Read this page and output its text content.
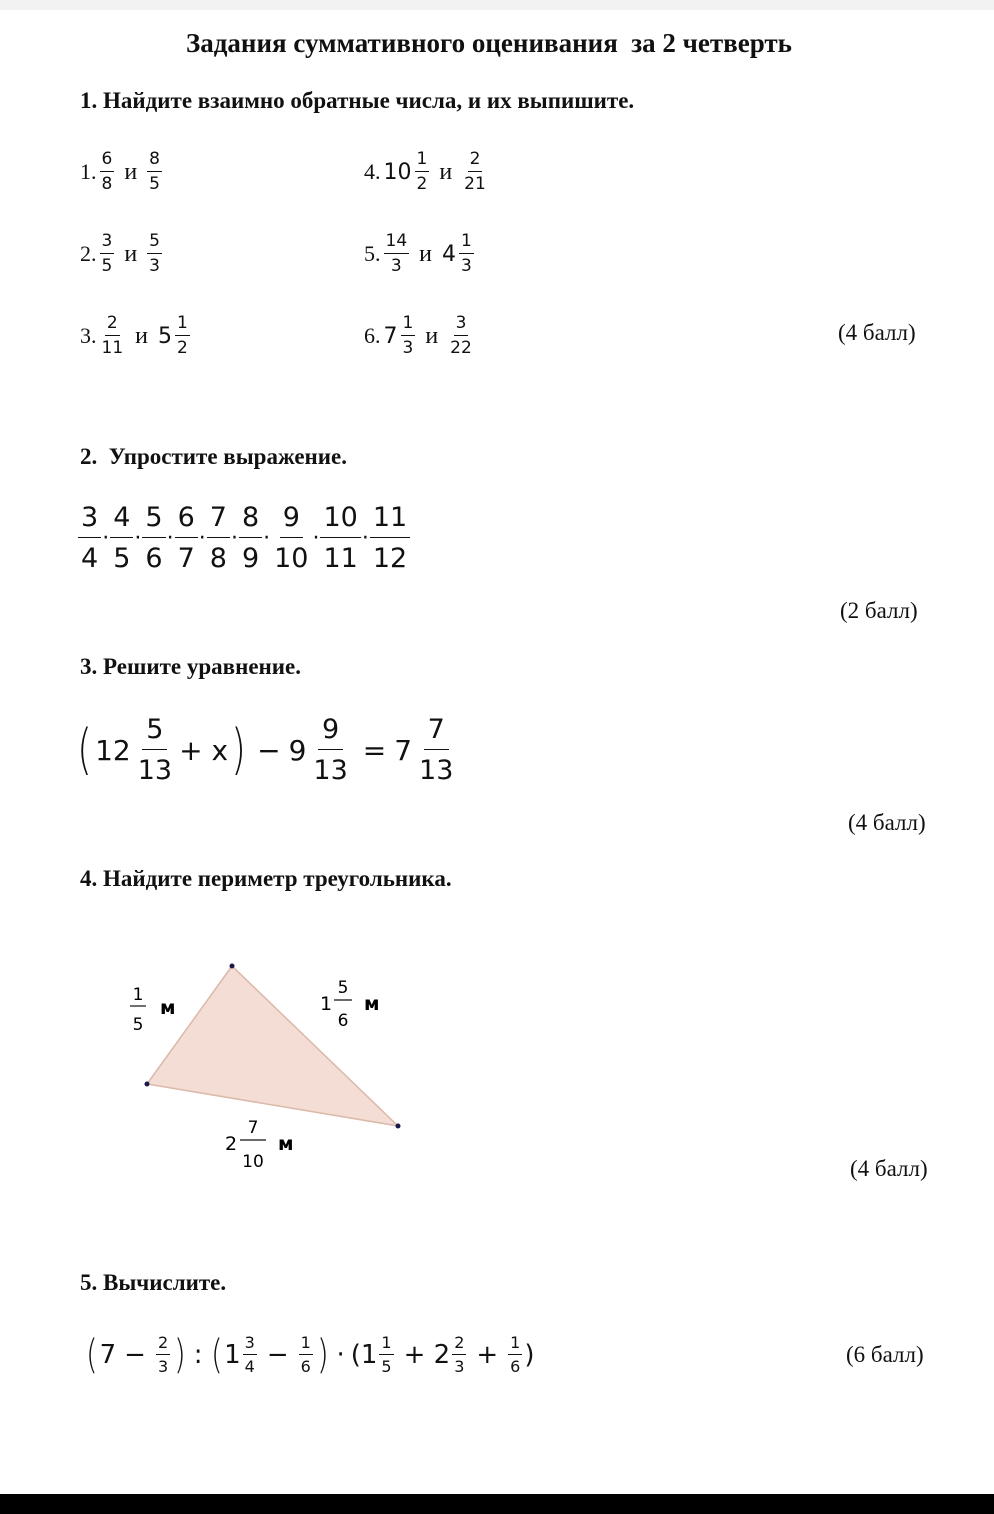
Задания суммативного оценивания  за 2 четверть
1. Найдите взаимно обратные числа, и их выпишите.
1. $\frac{6}{8}$ и $\frac{8}{5}$
2. $\frac{3}{5}$ и $\frac{5}{3}$
3. $\frac{2}{11}$ и $5 \frac{1}{2}$
4. $10 \frac{1}{2}$ и $\frac{2}{21}$
5. $\frac{14}{3}$ и $4 \frac{1}{3}$
6. $7 \frac{1}{3}$ и $\frac{3}{22}$	(4 балл)
2.  Упростите выражение.
$\frac{3}{4} \cdot \frac{4}{5} \cdot \frac{5}{6} \cdot \frac{6}{7} \cdot \frac{7}{8} \cdot \frac{8}{9} \cdot \frac{9}{10} \cdot \frac{10}{11} \cdot \frac{11}{12}$
(2 балл)
3. Решите уравнение.
( $12 \frac{5}{13} + x$ ) − $9 \frac{9}{13} = 7 \frac{7}{13}$
(4 балл)
4. Найдите периметр треугольника.
1
5
м	1
5
6
м
2
7
10
м
(4 балл)
5. Вычислите.
( $7 - \frac{2}{3}$ ) : ( $1 \frac{3}{4} - \frac{1}{6}$ ) · ($1 \frac{1}{5} + 2 \frac{2}{3} + \frac{1}{6}$ )	(6 балл)
